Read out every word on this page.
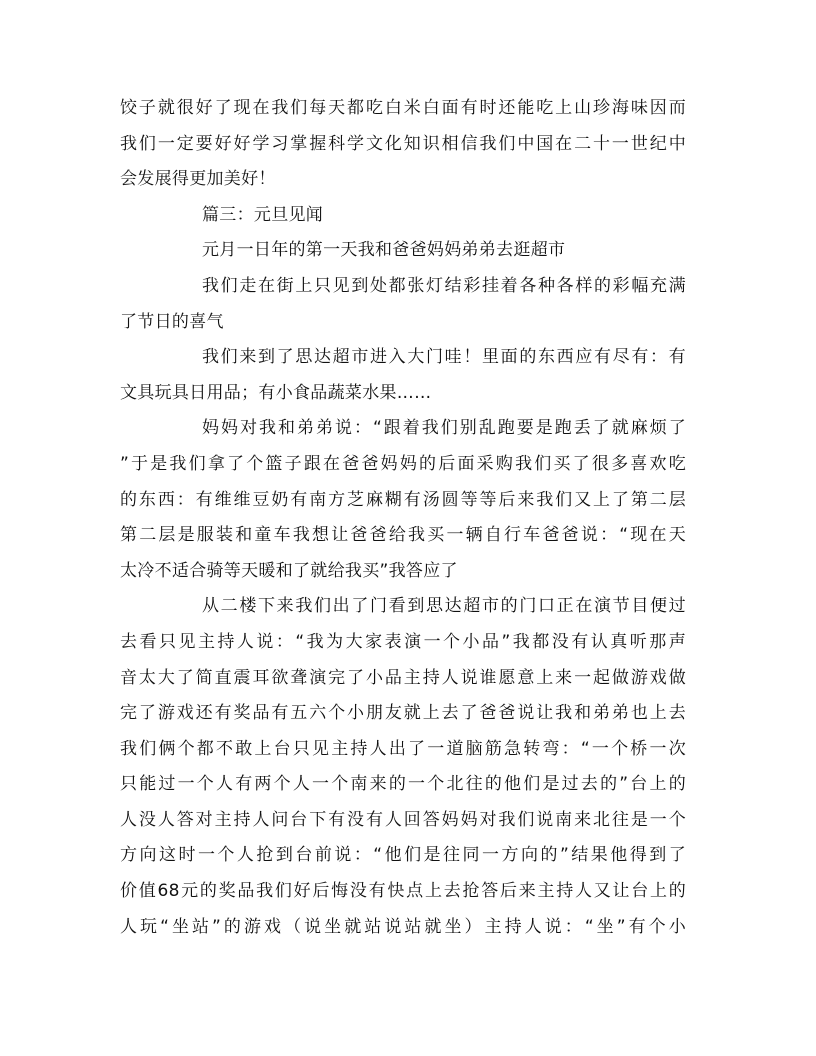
饺子就很好了现在我们每天都吃白米白面有时还能吃上山珍海味因而
我们一定要好好学习掌握科学文化知识相信我们中国在二十一世纪中
会发展得更加美好！
篇三：元旦见闻
元月一日年的第一天我和爸爸妈妈弟弟去逛超市
我们走在街上只见到处都张灯结彩挂着各种各样的彩幅充满
了节日的喜气
我们来到了思达超市进入大门哇！里面的东西应有尽有：有
文具玩具日用品；有小食品蔬菜水果……
妈妈对我和弟弟说：“跟着我们别乱跑要是跑丢了就麻烦了
”于是我们拿了个篮子跟在爸爸妈妈的后面采购我们买了很多喜欢吃
的东西：有维维豆奶有南方芝麻糊有汤圆等等后来我们又上了第二层
第二层是服装和童车我想让爸爸给我买一辆自行车爸爸说：“现在天
太冷不适合骑等天暖和了就给我买”我答应了
从二楼下来我们出了门看到思达超市的门口正在演节目便过
去看只见主持人说：“我为大家表演一个小品”我都没有认真听那声
音太大了简直震耳欲聋演完了小品主持人说谁愿意上来一起做游戏做
完了游戏还有奖品有五六个小朋友就上去了爸爸说让我和弟弟也上去
我们俩个都不敢上台只见主持人出了一道脑筋急转弯：“一个桥一次
只能过一个人有两个人一个南来的一个北往的他们是过去的”台上的
人没人答对主持人问台下有没有人回答妈妈对我们说南来北往是一个
方向这时一个人抢到台前说：“他们是往同一方向的”结果他得到了
价值68元的奖品我们好后悔没有快点上去抢答后来主持人又让台上的
人玩“坐站”的游戏（说坐就站说站就坐）主持人说：“坐”有个小
